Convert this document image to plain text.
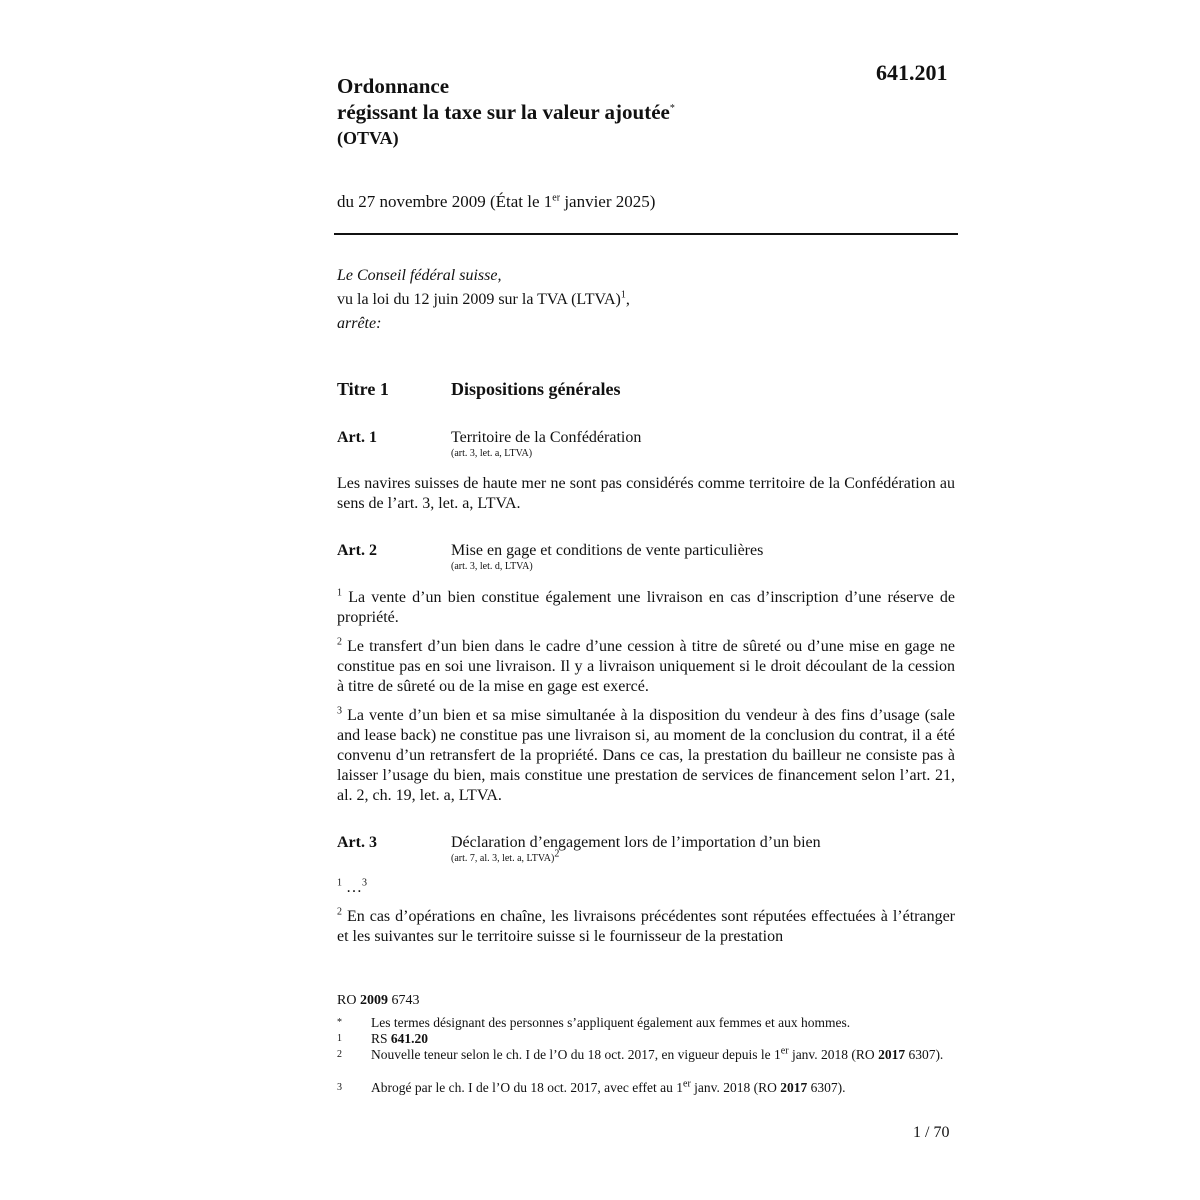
641.201
Ordonnance
régissant la taxe sur la valeur ajoutée*
(OTVA)
du 27 novembre 2009 (État le 1er janvier 2025)
Le Conseil fédéral suisse,
vu la loi du 12 juin 2009 sur la TVA (LTVA)$^1$,
arrête:
Titre 1	Dispositions générales
Art. 1	Territoire de la Confédération
(art. 3, let. a, LTVA)
Les navires suisses de haute mer ne sont pas considérés comme territoire de la Confédération au sens de l’art. 3, let. a, LTVA.
Art. 2	Mise en gage et conditions de vente particulières
(art. 3, let. d, LTVA)
$^1$ La vente d’un bien constitue également une livraison en cas d’inscription d’une réserve de propriété.
$^2$ Le transfert d’un bien dans le cadre d’une cession à titre de sûreté ou d’une mise en gage ne constitue pas en soi une livraison. Il y a livraison uniquement si le droit découlant de la cession à titre de sûreté ou de la mise en gage est exercé.
$^3$ La vente d’un bien et sa mise simultanée à la disposition du vendeur à des fins d’usage (sale and lease back) ne constitue pas une livraison si, au moment de la conclusion du contrat, il a été convenu d’un retransfert de la propriété. Dans ce cas, la prestation du bailleur ne consiste pas à laisser l’usage du bien, mais constitue une prestation de services de financement selon l’art. 21, al. 2, ch. 19, let. a, LTVA.
Art. 3	Déclaration d’engagement lors de l’importation d’un bien
(art. 7, al. 3, let. a, LTVA)$^2$
$^1$ …$^3$
$^2$ En cas d’opérations en chaîne, les livraisons précédentes sont réputées effectuées à l’étranger et les suivantes sur le territoire suisse si le fournisseur de la prestation
RO 2009 6743
* Les termes désignant des personnes s’appliquent également aux femmes et aux hommes.
1 RS 641.20
2 Nouvelle teneur selon le ch. I de l’O du 18 oct. 2017, en vigueur depuis le 1er janv. 2018 (RO 2017 6307).
3 Abrogé par le ch. I de l’O du 18 oct. 2017, avec effet au 1er janv. 2018 (RO 2017 6307).
1 / 70
